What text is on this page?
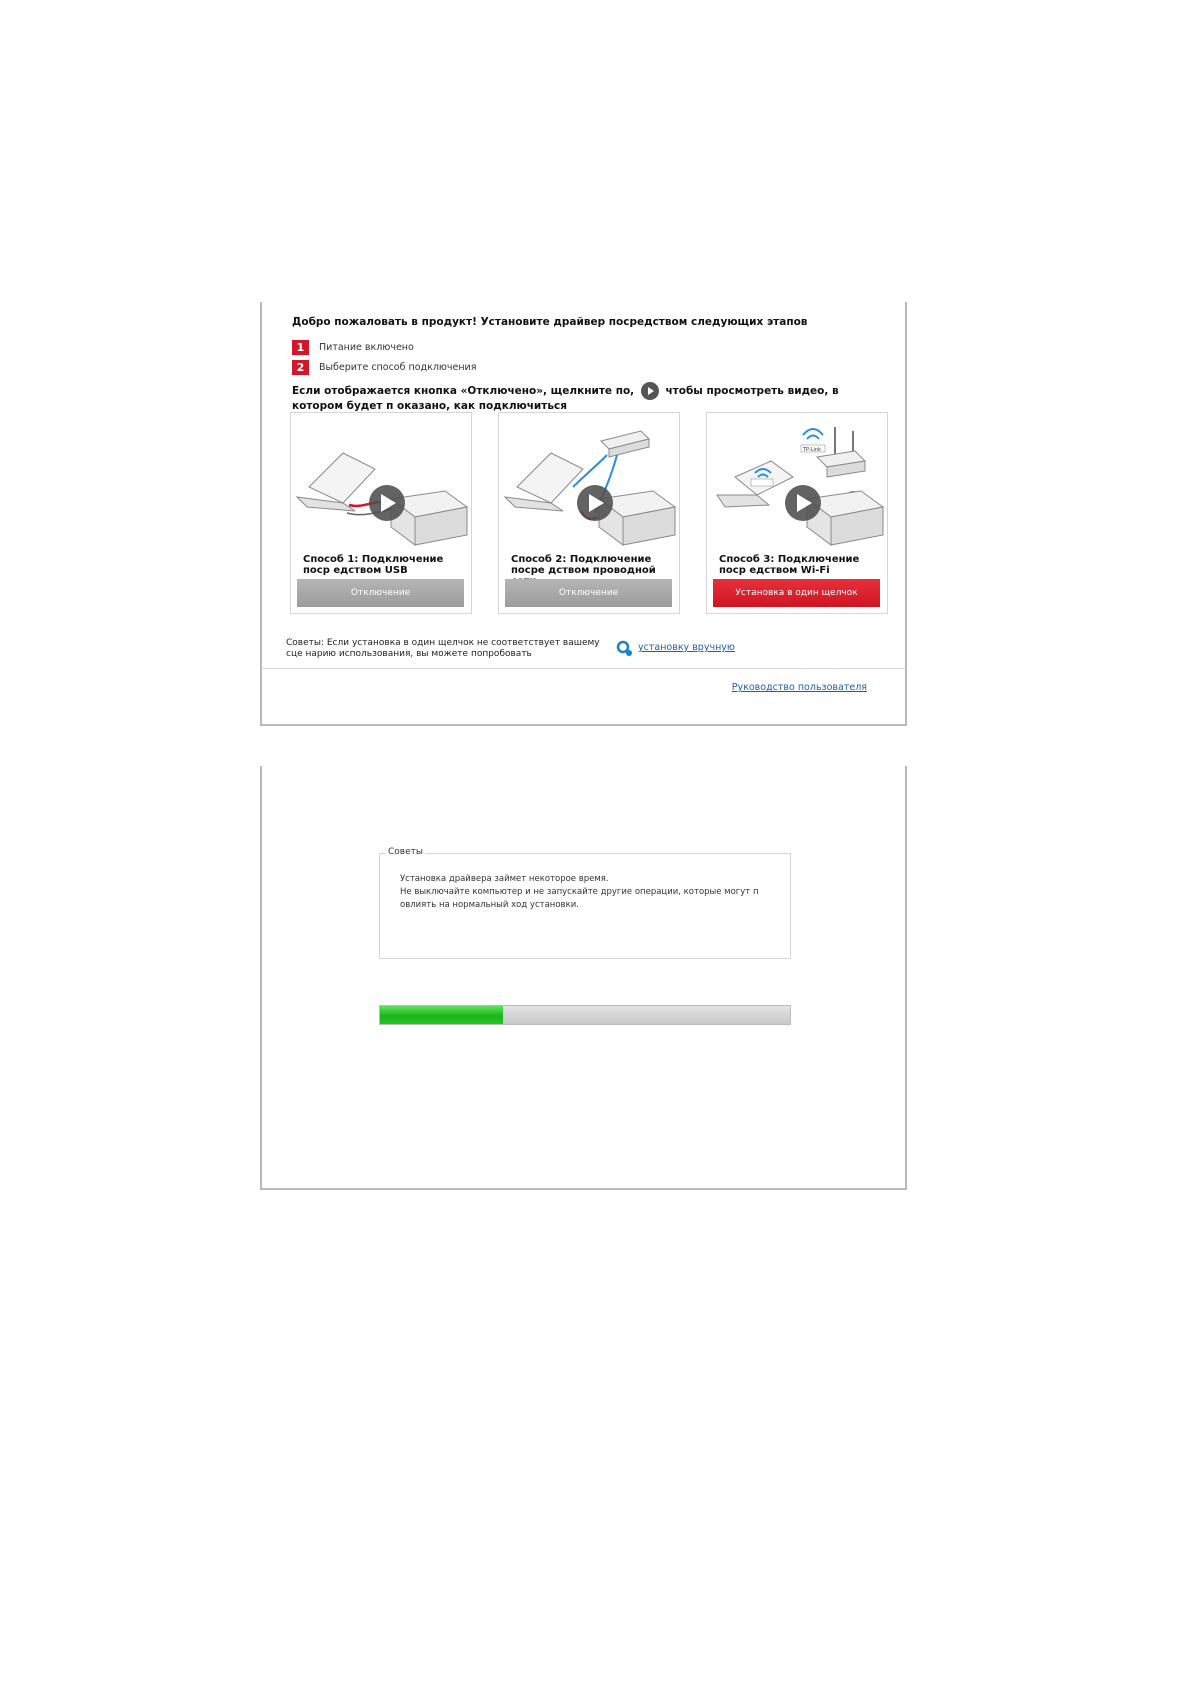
Добро пожаловать в продукт! Установите драйвер посредством следующих этапов
1	Питание включено
2	Выберите способ подключения
Если отображается кнопка «Отключено», щелкните по,	чтобы просмотреть видео, в котором будет п оказано, как подключиться
Способ 1: Подключение поср едством USB
Отключение
Способ 2: Подключение посре дством проводной
Отключение
TP-Link
Способ 3: Подключение поср едством Wi-Fi
Установка в один щелчок
Советы: Если установка в один щелчок не соответствует вашему сце нарию использования, вы можете попробовать
установку вручную
Руководство пользователя
Советы
Установка драйвера займет некоторое время.
Не выключайте компьютер и не запускайте другие операции, которые могут п
овлиять на нормальный ход установки.
